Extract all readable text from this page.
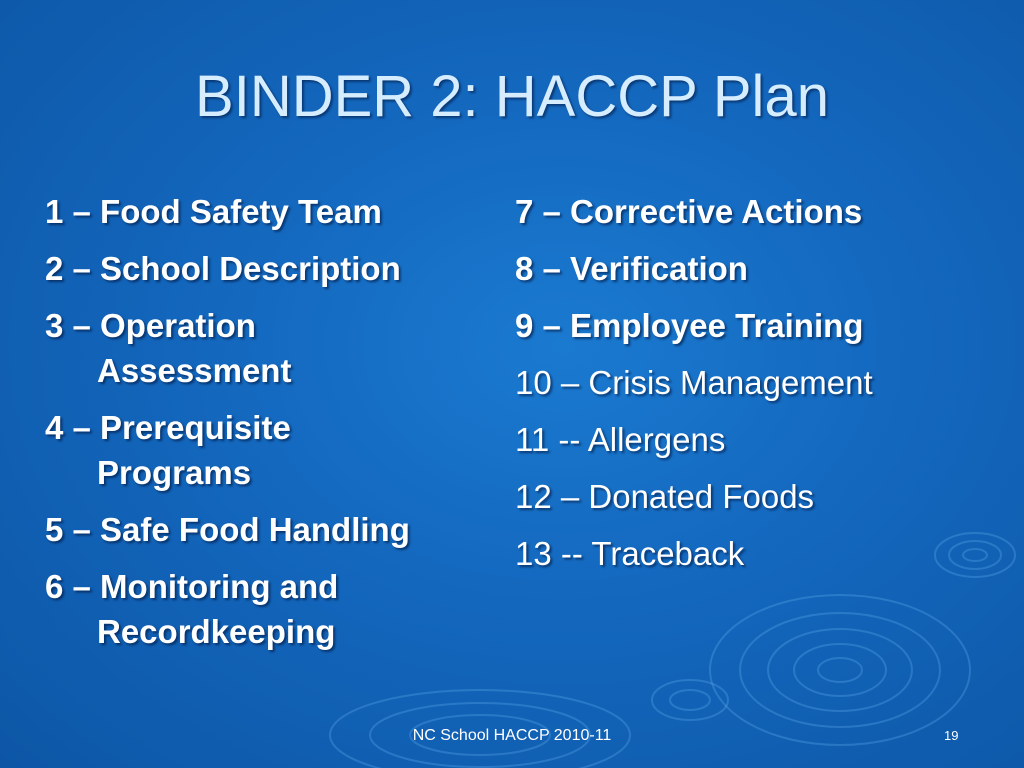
BINDER 2: HACCP Plan
1 – Food Safety Team
2 – School Description
3 – Operation
Assessment
4 – Prerequisite
Programs
5 – Safe Food Handling
6 – Monitoring and
Recordkeeping
7 – Corrective Actions
8 – Verification
9 – Employee Training
10 – Crisis Management
11 -- Allergens
12 – Donated Foods
13 -- Traceback
NC School HACCP 2010-11	19
